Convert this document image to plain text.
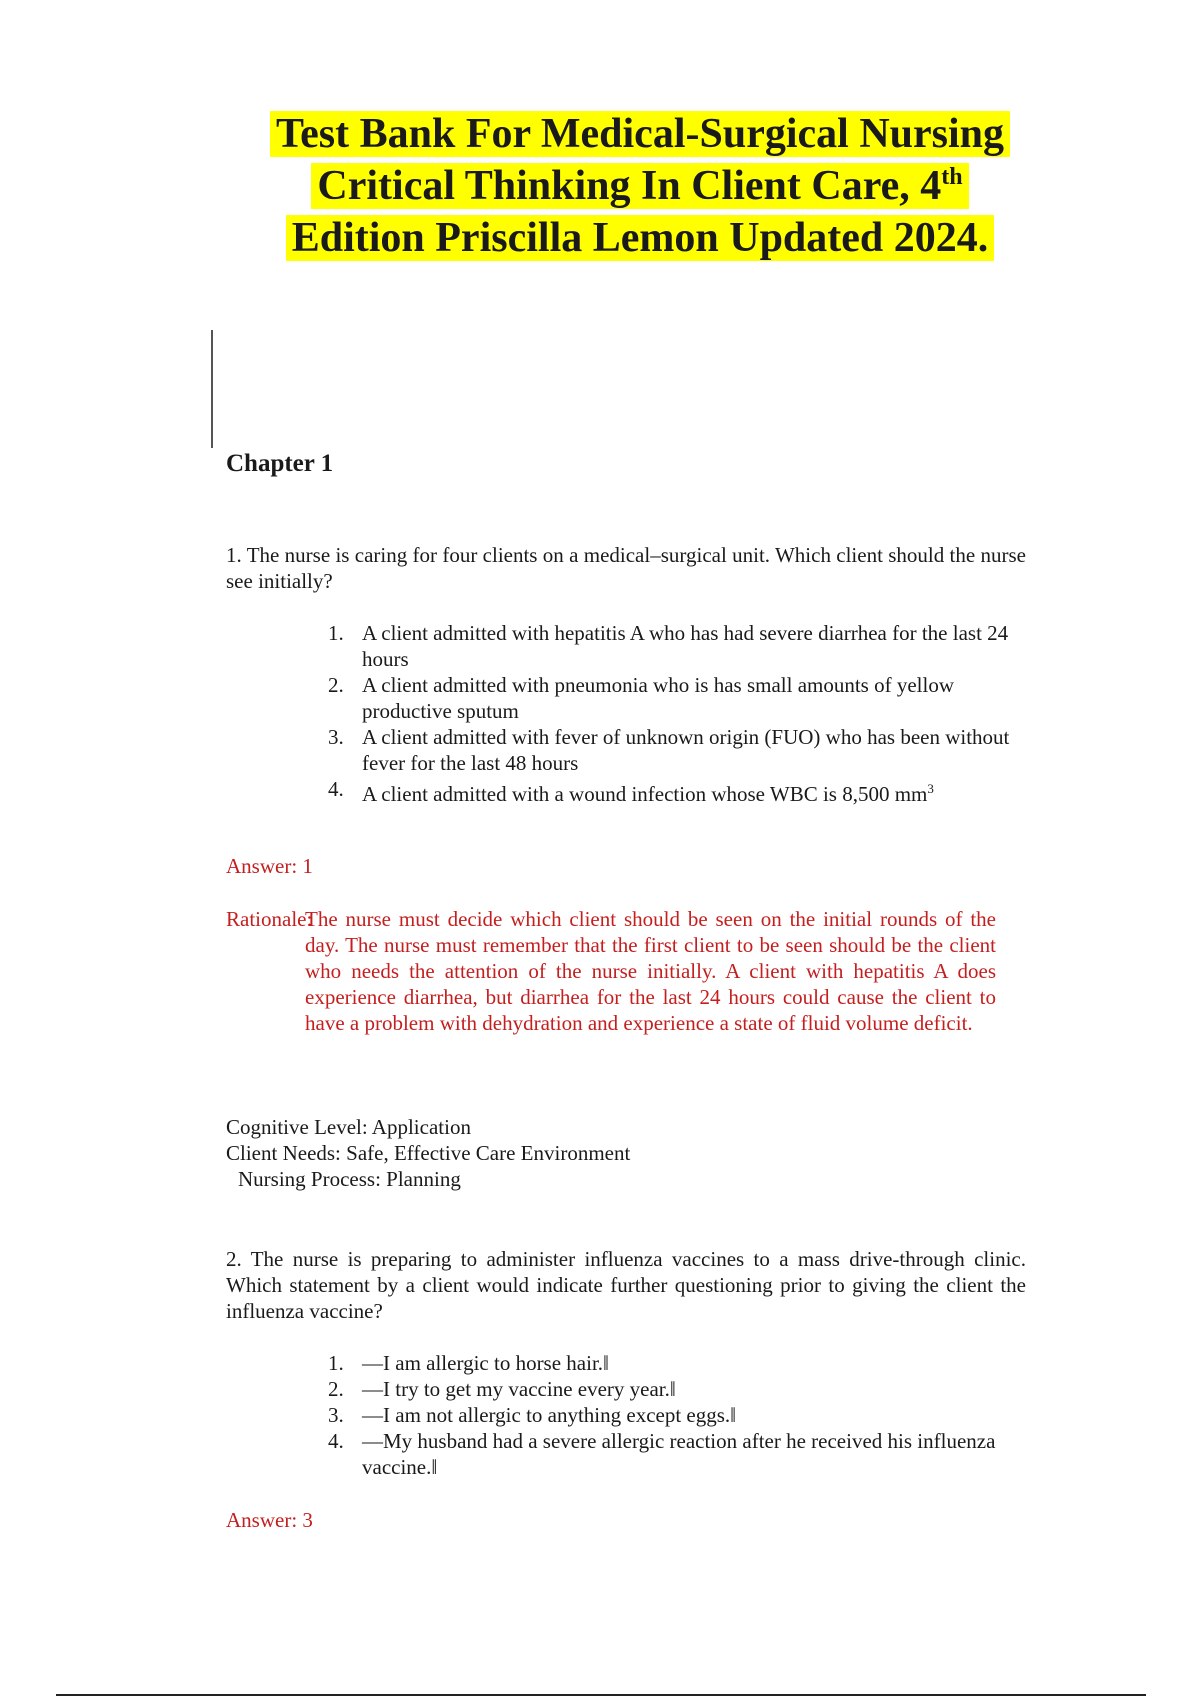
Test Bank For Medical-Surgical Nursing
Critical Thinking In Client Care, 4th
Edition Priscilla Lemon Updated 2024.
Chapter 1
1. The nurse is caring for four clients on a medical–surgical unit. Which client should the nurse see initially?
1. A client admitted with hepatitis A who has had severe diarrhea for the last 24 hours
2. A client admitted with pneumonia who is has small amounts of yellow productive sputum
3. A client admitted with fever of unknown origin (FUO) who has been without fever for the last 48 hours
4. A client admitted with a wound infection whose WBC is 8,500 $mm^3$
Answer: 1
Rationale:
The nurse must decide which client should be seen on the initial rounds of the day. The nurse must remember that the first client to be seen should be the client who needs the attention of the nurse initially. A client with hepatitis A does experience diarrhea, but diarrhea for the last 24 hours could cause the client to have a problem with dehydration and experience a state of fluid volume deficit.
Cognitive Level: Application
Client Needs: Safe, Effective Care Environment
Nursing Process: Planning
2. The nurse is preparing to administer influenza vaccines to a mass drive-through clinic. Which statement by a client would indicate further questioning prior to giving the client the influenza vaccine?
1. —I am allergic to horse hair.‖
2. —I try to get my vaccine every year.‖
3. —I am not allergic to anything except eggs.‖
4. —My husband had a severe allergic reaction after he received his influenza vaccine.‖
Answer: 3
